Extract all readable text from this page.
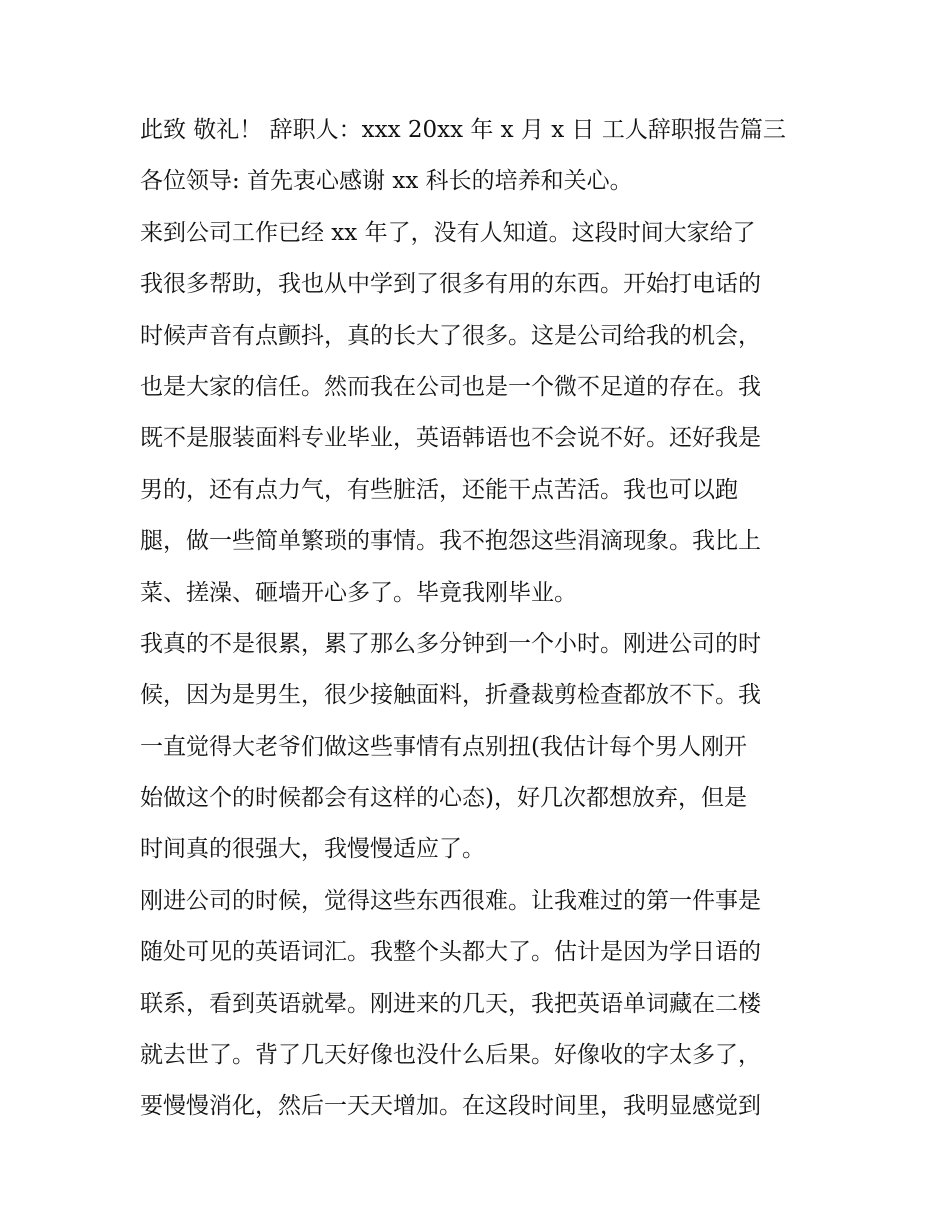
此致 敬礼！ 辞职人：xxx 20xx 年 x 月 x 日 工人辞职报告篇三
各位领导: 首先衷心感谢 xx 科长的培养和关心。
来到公司工作已经 xx 年了，没有人知道。这段时间大家给了
我很多帮助，我也从中学到了很多有用的东西。开始打电话的
时候声音有点颤抖，真的长大了很多。这是公司给我的机会，
也是大家的信任。然而我在公司也是一个微不足道的存在。我
既不是服装面料专业毕业，英语韩语也不会说不好。还好我是
男的，还有点力气，有些脏活，还能干点苦活。我也可以跑
腿，做一些简单繁琐的事情。我不抱怨这些涓滴现象。我比上
菜、搓澡、砸墙开心多了。毕竟我刚毕业。
我真的不是很累，累了那么多分钟到一个小时。刚进公司的时
候，因为是男生，很少接触面料，折叠裁剪检查都放不下。我
一直觉得大老爷们做这些事情有点别扭(我估计每个男人刚开
始做这个的时候都会有这样的心态)，好几次都想放弃，但是
时间真的很强大，我慢慢适应了。
刚进公司的时候，觉得这些东西很难。让我难过的第一件事是
随处可见的英语词汇。我整个头都大了。估计是因为学日语的
联系，看到英语就晕。刚进来的几天，我把英语单词藏在二楼
就去世了。背了几天好像也没什么后果。好像收的字太多了，
要慢慢消化，然后一天天增加。在这段时间里，我明显感觉到
